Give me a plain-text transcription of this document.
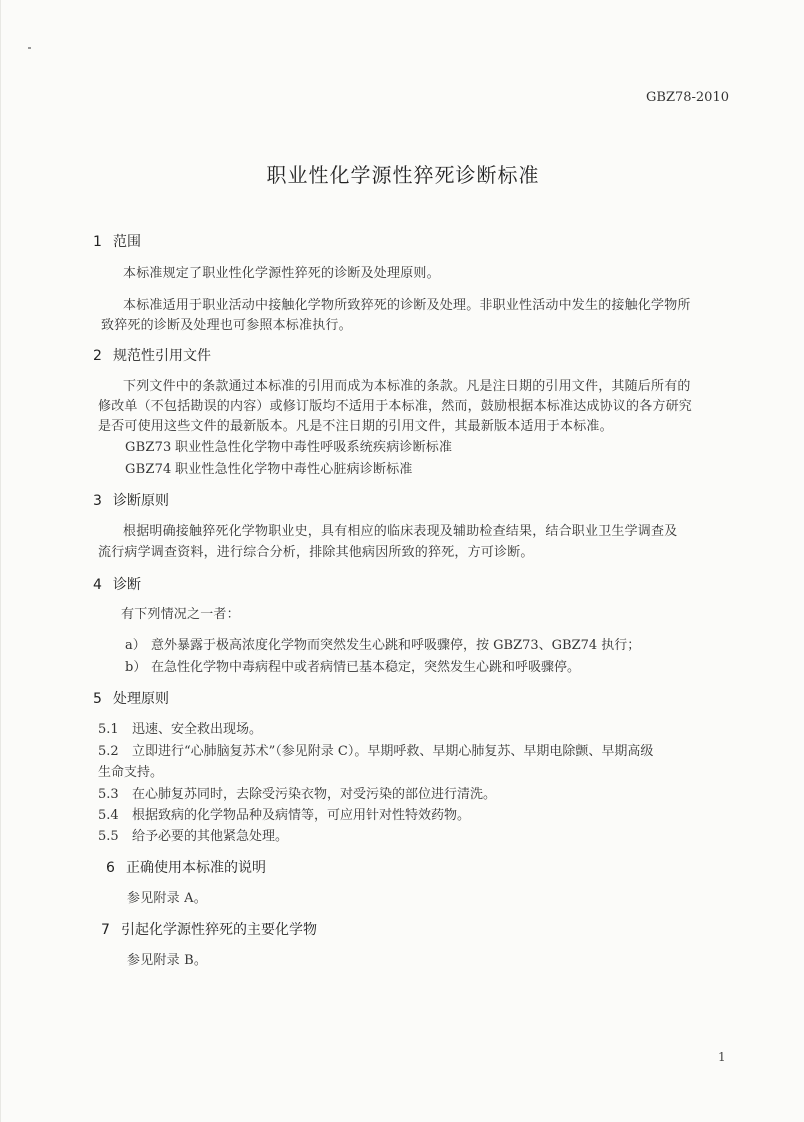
GBZ78-2010
职业性化学源性猝死诊断标准
1 范围
本标准规定了职业性化学源性猝死的诊断及处理原则。
本标准适用于职业活动中接触化学物所致猝死的诊断及处理。非职业性活动中发生的接触化学物所
致猝死的诊断及处理也可参照本标准执行。
2 规范性引用文件
下列文件中的条款通过本标准的引用而成为本标准的条款。凡是注日期的引用文件，其随后所有的
修改单（不包括勘误的内容）或修订版均不适用于本标准，然而，鼓励根据本标准达成协议的各方研究
是否可使用这些文件的最新版本。凡是不注日期的引用文件，其最新版本适用于本标准。
GBZ73 职业性急性化学物中毒性呼吸系统疾病诊断标准
GBZ74 职业性急性化学物中毒性心脏病诊断标准
3 诊断原则
根据明确接触猝死化学物职业史，具有相应的临床表现及辅助检查结果，结合职业卫生学调查及
流行病学调查资料，进行综合分析，排除其他病因所致的猝死，方可诊断。
4 诊断
有下列情况之一者：
a） 意外暴露于极高浓度化学物而突然发生心跳和呼吸骤停，按 GBZ73、GBZ74 执行；
b） 在急性化学物中毒病程中或者病情已基本稳定，突然发生心跳和呼吸骤停。
5 处理原则
5.1 迅速、安全救出现场。
5.2 立即进行“心肺脑复苏术”（参见附录 C）。早期呼救、早期心肺复苏、早期电除颤、早期高级
生命支持。
5.3 在心肺复苏同时，去除受污染衣物，对受污染的部位进行清洗。
5.4 根据致病的化学物品种及病情等，可应用针对性特效药物。
5.5 给予必要的其他紧急处理。
6 正确使用本标准的说明
参见附录 A。
7 引起化学源性猝死的主要化学物
参见附录 B。
1
